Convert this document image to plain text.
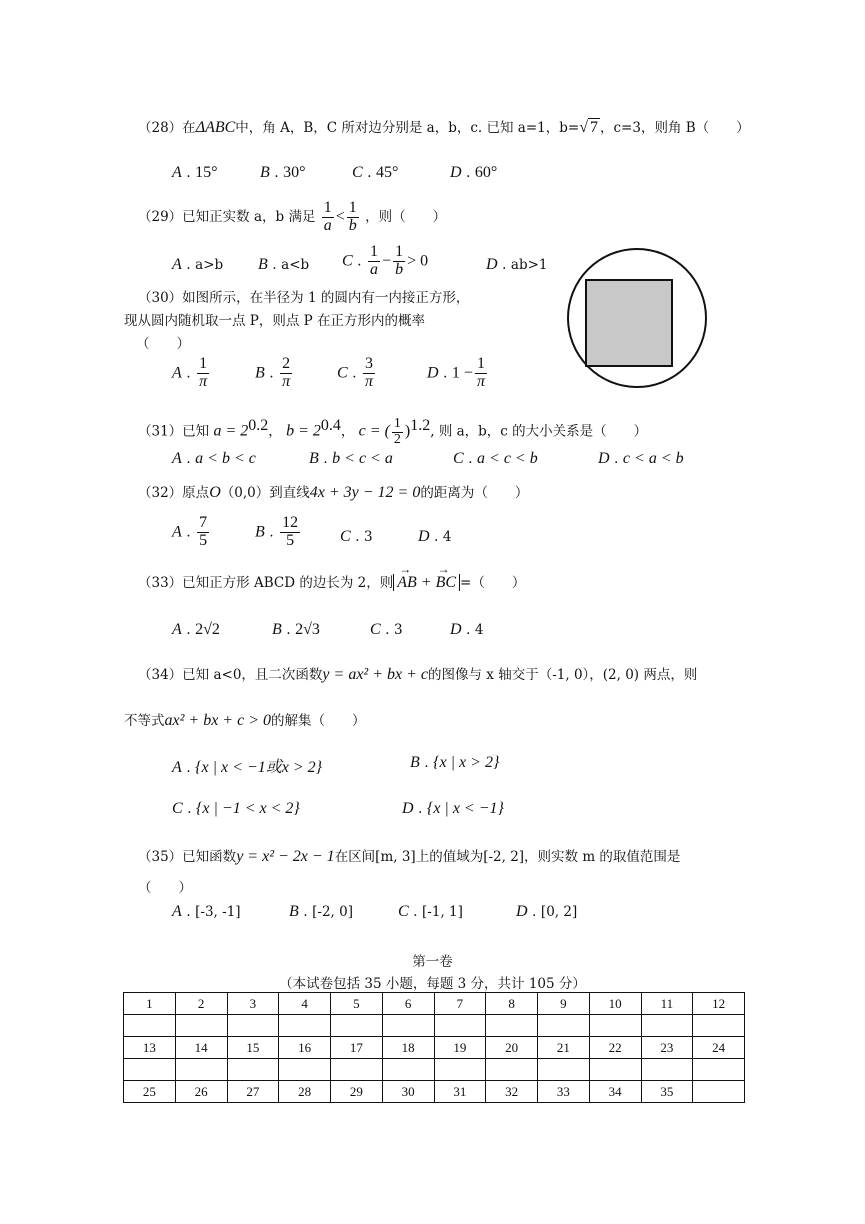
（28）在ΔABC中，角 A，B，C 所对边分别是 a，b，c. 已知 a=1，b=√ 7 ，c=3，则角 B（　　）
A . 15°	B . 30°	C . 45°	D . 60°
（29）已知正实数 a，b 满足 $\frac{1}{a} < \frac{1}{b}$ ，则（　　）
A . a>b B . a<b C . $\frac{1}{a} - \frac{1}{b} > 0$	D . ab>1
（30）如图所示，在半径为 1 的圆内有一内接正方形，
现从圆内随机取一点 P，则点 P 在正方形内的概率
（　　）
A . $\frac{1}{\pi}$	B . $\frac{2}{\pi}$	C . $\frac{3}{\pi}$	D . $1 - \frac{1}{\pi}$
（31）已知 $a = 2^{0.2}$， $b = 2^{0.4}$， c = ( $\frac{1}{2} )^{1.2}$, 则 a，b，c 的大小关系是（　　）
A . a < b < c	B . b < c < a	C . a < c < b	D . c < a < b
（32）原点O（0,0）到直线4x + 3y − 12 = 0的距离为（　　）
A . $\frac{7}{5}$	B . $\frac{12}{5}$ C . 3	D . 4
（33）已知正方形 ABCD 的边长为 2，则 → AB + → BC =（　　）
A . 2√2	B . 2√3	C . 3	D . 4
（34）已知 a<0，且二次函数y = ax² + bx + c的图像与 x 轴交于（-1, 0），(2, 0) 两点，则
不等式ax² + bx + c > 0的解集（　　）
A . {x | x < −1或x > 2}	B . {x | x > 2}
C . {x | −1 < x < 2}	D . {x | x < −1}
（35）已知函数y = x² − 2x − 1在区间[m, 3]上的值域为[-2, 2]，则实数 m 的取值范围是
（　　）
A . [-3, -1]	B . [-2, 0]	C . [-1, 1]	D . [0, 2]
第一卷
（本试卷包括 35 小题，每题 3 分，共计 105 分）
1	2	3	4	5	6	7	8	9	10	11	12

13	14	15	16	17	18	19	20	21	22	23	24

25	26	27	28	29	30	31	32	33	34	35	
